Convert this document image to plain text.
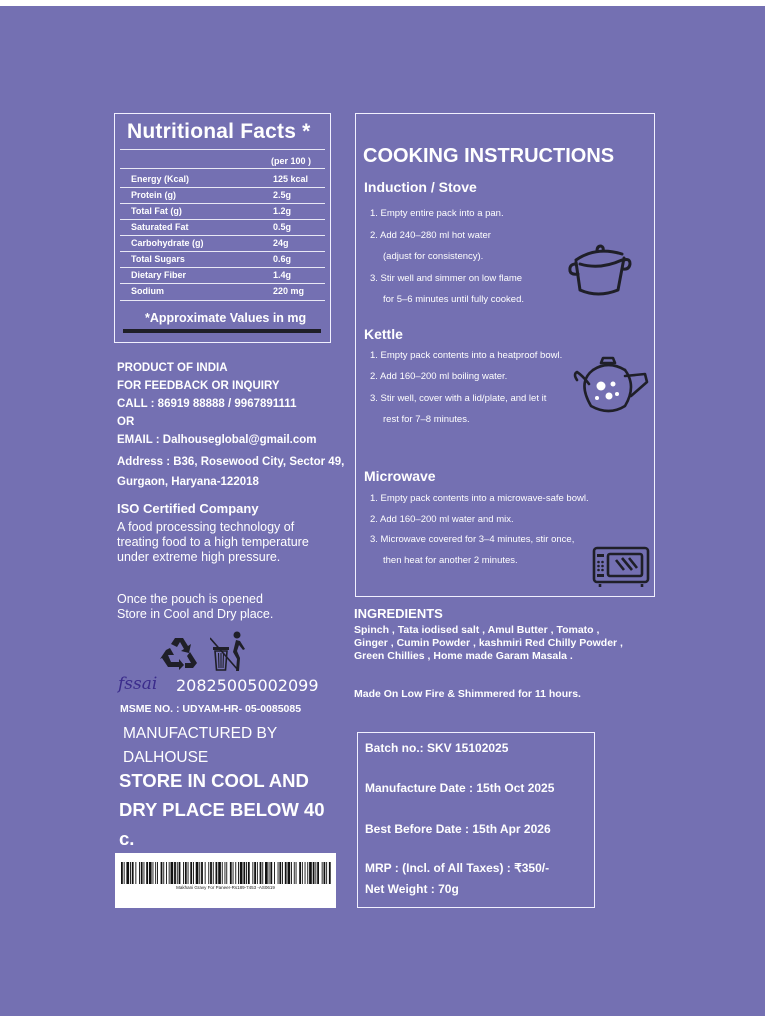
Nutritional Facts *
(per 100 )
Energy (Kcal)	125 kcal
Protein (g)	2.5g
Total Fat (g)	1.2g
Saturated Fat	0.5g
Carbohydrate (g)	24g
Total Sugars	0.6g
Dietary Fiber	1.4g
Sodium	220 mg
*Approximate Values in mg
PRODUCT OF INDIA
FOR FEEDBACK OR INQUIRY
CALL : 86919 88888 / 9967891111
OR
EMAIL : Dalhouseglobal@gmail.com
Address : B36, Rosewood City, Sector 49,
Gurgaon, Haryana-122018
ISO Certified Company
A food processing technology of treating food to a high temperature under extreme high pressure.
Once the pouch is opened
Store in Cool and Dry place.
fssai 20825005002099
MSME NO. : UDYAM-HR- 05-0085085
MANUFACTURED BY
DALHOUSE
STORE IN COOL AND DRY PLACE BELOW 40 c.
Makhani Gravy For Paneer-Rs189-7453 -AS0619
COOKING INSTRUCTIONS
Induction / Stove
1. Empty entire pack into a pan.
2. Add 240–280 ml hot water
(adjust for consistency).
3. Stir well and simmer on low flame
for 5–6 minutes until fully cooked.
Kettle
1. Empty pack contents into a heatproof bowl.
2. Add 160–200 ml boiling water.
3. Stir well, cover with a lid/plate, and let it
rest for 7–8 minutes.
Microwave
1. Empty pack contents into a microwave-safe bowl.
2. Add 160–200 ml water and mix.
3. Microwave covered for 3–4 minutes, stir once,
then heat for another 2 minutes.
INGREDIENTS
Spinch , Tata iodised salt , Amul Butter , Tomato , Ginger , Cumin Powder , kashmiri Red Chilly Powder , Green Chillies , Home made Garam Masala .
Made On Low Fire & Shimmered for 11 hours.
Batch no.: SKV 15102025
Manufacture Date : 15th Oct 2025
Best Before Date : 15th Apr 2026
MRP : (Incl. of All Taxes) : ₹350/-
Net Weight : 70g
